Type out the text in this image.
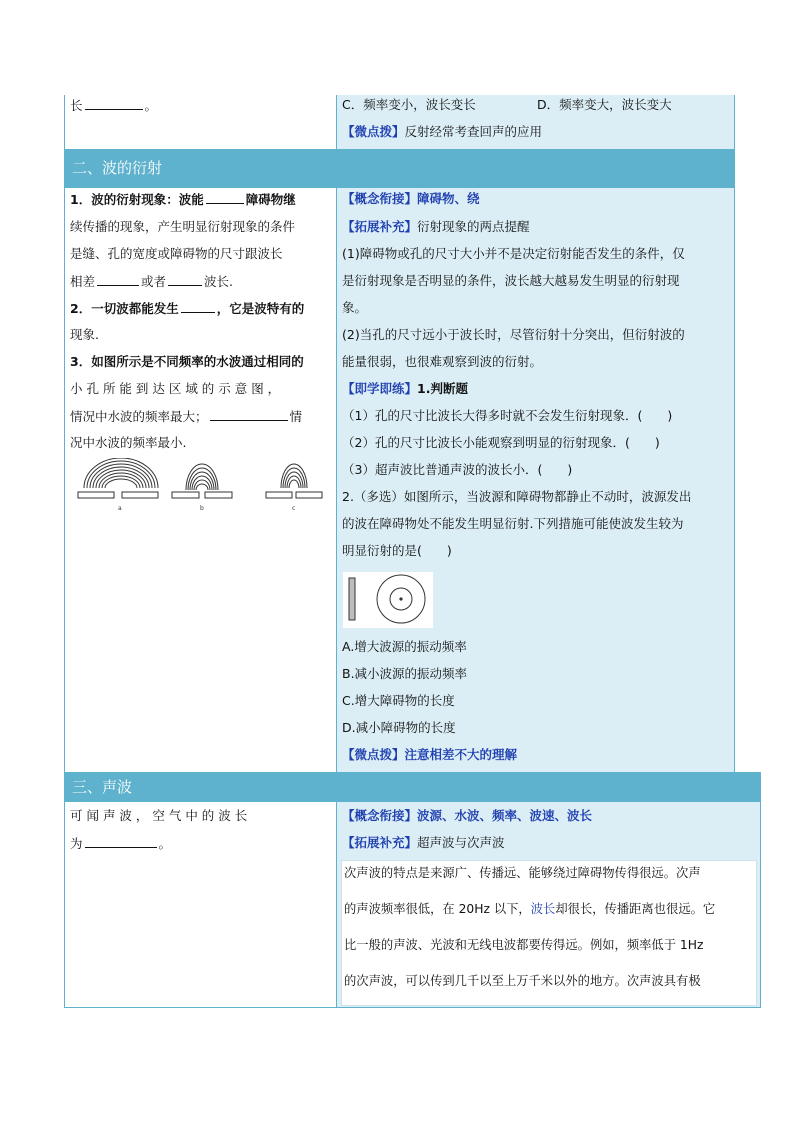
长	。	C．频率变小，波长变长	D．频率变大，波长变大
【微点拨】反射经常考查回声的应用
二、波的衍射
1．波的衍射现象：波能	障碍物继
续传播的现象，产生明显衍射现象的条件
是缝、孔的宽度或障碍物的尺寸跟波长
相差	或者	波长.
2．一切波都能发生	，它是波特有的
现象.
3．如图所示是不同频率的水波通过相同的
小 孔 所 能 到 达 区 域 的 示 意 图 ，
情况中水波的频率最大；	情
况中水波的频率最小.
a	b	c
【概念衔接】障碍物、绕
【拓展补充】衍射现象的两点提醒
(1)障碍物或孔的尺寸大小并不是决定衍射能否发生的条件，仅
是衍射现象是否明显的条件，波长越大越易发生明显的衍射现
象。
(2)当孔的尺寸远小于波长时，尽管衍射十分突出，但衍射波的
能量很弱，也很难观察到波的衍射。
【即学即练】1.判断题
（1）孔的尺寸比波长大得多时就不会发生衍射现象．(　　)
（2）孔的尺寸比波长小能观察到明显的衍射现象．(　　)
（3）超声波比普通声波的波长小．(　　)
2.（多选）如图所示，当波源和障碍物都静止不动时，波源发出
的波在障碍物处不能发生明显衍射.下列措施可能使波发生较为
明显衍射的是(　　)
A.增大波源的振动频率
B.减小波源的振动频率
C.增大障碍物的长度
D.减小障碍物的长度
【微点拨】注意相差不大的理解
三、声波
可 闻 声 波 ， 空 气 中 的 波 长
为	。
【概念衔接】波源、水波、频率、波速、波长
【拓展补充】超声波与次声波
次声波的特点是来源广、传播远、能够绕过障碍物传得很远。次声
的声波频率很低，在 20Hz 以下，波长却很长，传播距离也很远。它
比一般的声波、光波和无线电波都要传得远。例如，频率低于 1Hz
的次声波，可以传到几千以至上万千米以外的地方。次声波具有极
